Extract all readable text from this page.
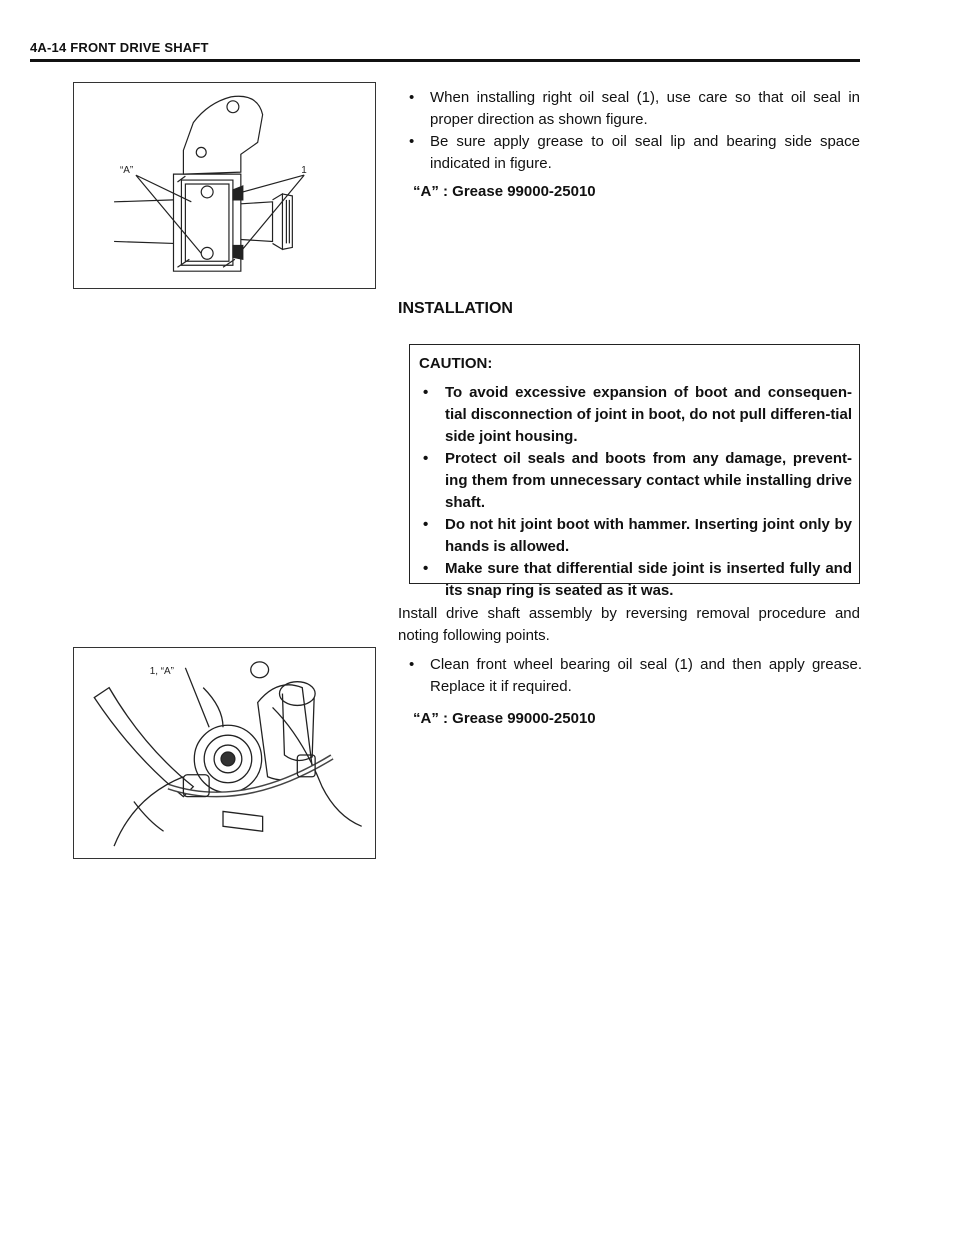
4A-14 FRONT DRIVE SHAFT
“A”	1
• When installing right oil seal (1), use care so that oil seal in proper direction as shown figure.
• Be sure apply grease to oil seal lip and bearing side space indicated in figure.
“A” : Grease 99000-25010
INSTALLATION
CAUTION:
• To avoid excessive expansion of boot and consequen-tial disconnection of joint in boot, do not pull differen-tial side joint housing.
• Protect oil seals and boots from any damage, prevent-ing them from unnecessary contact while installing drive shaft.
• Do not hit joint boot with hammer. Inserting joint only by hands is allowed.
• Make sure that differential side joint is inserted fully and its snap ring is seated as it was.
Install drive shaft assembly by reversing removal procedure and noting following points.
1, “A”	• Clean front wheel bearing oil seal (1) and then apply grease. Replace it if required.
“A” : Grease 99000-25010
